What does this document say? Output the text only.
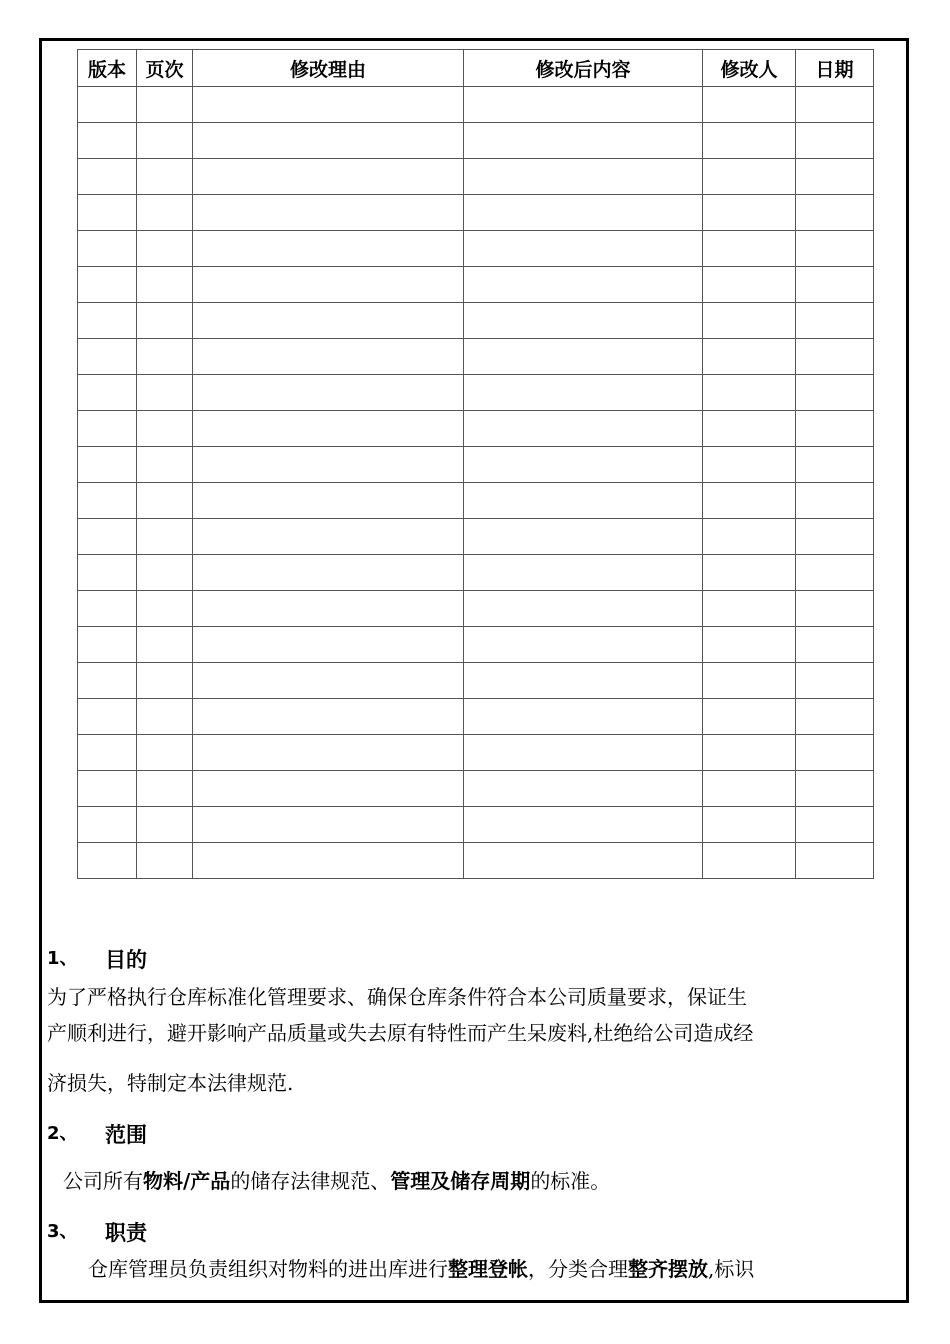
版本	页次	修改理由	修改后内容	修改人	日期

1、 目的
为了严格执行仓库标准化管理要求、确保仓库条件符合本公司质量要求，保证生
产顺利进行，避开影响产品质量或失去原有特性而产生呆废料,杜绝给公司造成经
济损失，特制定本法律规范.
2、 范围
公司所有物料/产品的储存法律规范、管理及储存周期的标准。
3、 职责
仓库管理员负责组织对物料的进出库进行整理登帐，分类合理整齐摆放,标识
